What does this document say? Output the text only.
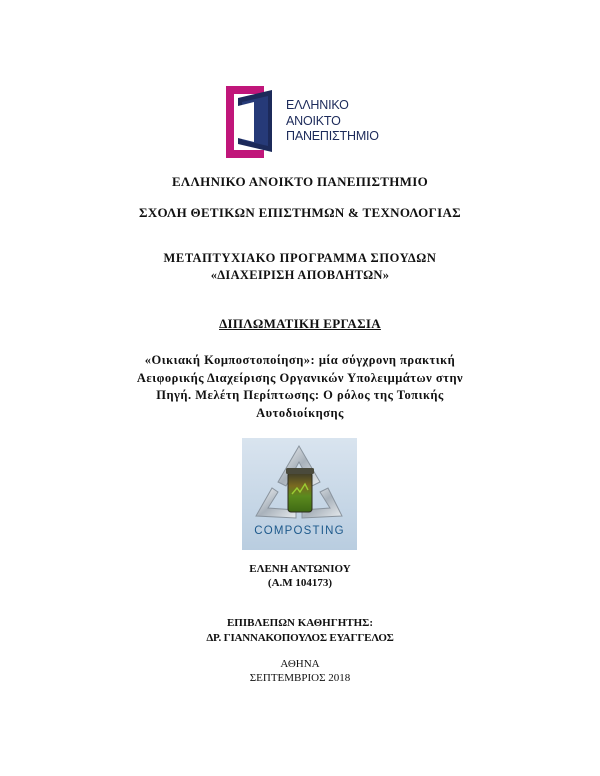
ΕΛΛΗΝΙΚΟ
ΑΝΟΙΚΤΟ
ΠΑΝΕΠΙΣΤΗΜΙΟ
ΕΛΛΗΝΙΚΟ ΑΝΟΙΚΤΟ ΠΑΝΕΠΙΣΤΗΜΙΟ
ΣΧΟΛΗ ΘΕΤΙΚΩΝ ΕΠΙΣΤΗΜΩΝ & ΤΕΧΝΟΛΟΓΙΑΣ
ΜΕΤΑΠΤΥΧΙΑΚΟ ΠΡΟΓΡΑΜΜΑ ΣΠΟΥΔΩΝ
«ΔΙΑΧΕΙΡΙΣΗ ΑΠΟΒΛΗΤΩΝ»
ΔΙΠΛΩΜΑΤΙΚΗ ΕΡΓΑΣΙΑ
«Οικιακή Κομποστοποίηση»: μία σύγχρονη πρακτική
Αειφορικής Διαχείρισης Οργανικών Υπολειμμάτων στην
Πηγή. Μελέτη Περίπτωσης: Ο ρόλος της Τοπικής
Αυτοδιοίκησης
COMPOSTING
ΕΛΕΝΗ ΑΝΤΩΝΙΟΥ
(Α.Μ 104173)
ΕΠΙΒΛΕΠΩΝ ΚΑΘΗΓΗΤΗΣ:
ΔΡ. ΓΙΑΝΝΑΚΟΠΟΥΛΟΣ ΕΥΑΓΓΕΛΟΣ
ΑΘΗΝΑ
ΣΕΠΤΕΜΒΡΙΟΣ 2018
